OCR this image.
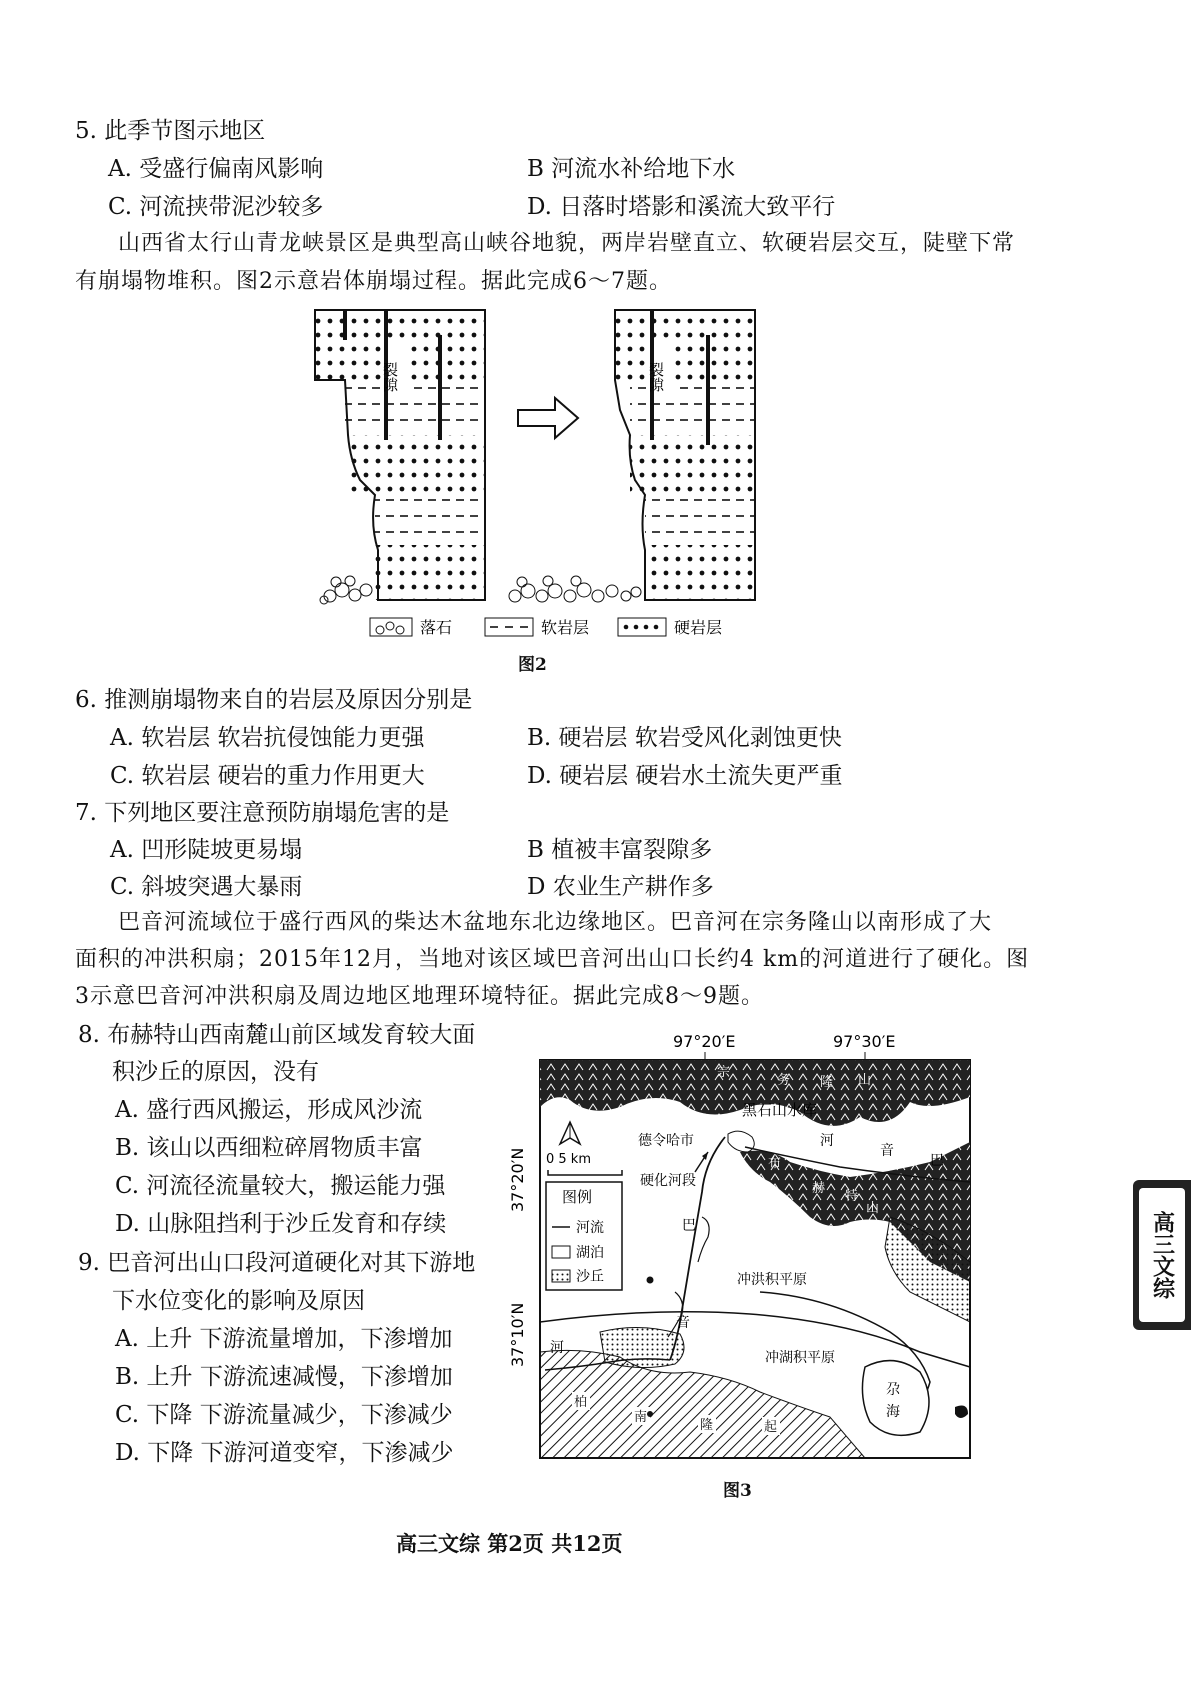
5. 此季节图示地区
A. 受盛行偏南风影响	B 河流水补给地下水
C. 河流挟带泥沙较多	D. 日落时塔影和溪流大致平行
山西省太行山青龙峡景区是典型高山峡谷地貌，两岸岩壁直立、软硬岩层交互，陡壁下常
有崩塌物堆积。图2示意岩体崩塌过程。据此完成6～7题。
裂隙	裂隙
落石	软岩层	硬岩层
图2
6. 推测崩塌物来自的岩层及原因分别是
A. 软岩层 软岩抗侵蚀能力更强	B. 硬岩层 软岩受风化剥蚀更快
C. 软岩层 硬岩的重力作用更大	D. 硬岩层 硬岩水土流失更严重
7. 下列地区要注意预防崩塌危害的是
A. 凹形陡坡更易塌	B 植被丰富裂隙多
C. 斜坡突遇大暴雨	D 农业生产耕作多
巴音河流域位于盛行西风的柴达木盆地东北边缘地区。巴音河在宗务隆山以南形成了大
面积的冲洪积扇；2015年12月，当地对该区域巴音河出山口长约4 km的河道进行了硬化。图
3示意巴音河冲洪积扇及周边地区地理环境特征。据此完成8～9题。
8. 布赫特山西南麓山前区域发育较大面
积沙丘的原因，没有
A. 盛行西风搬运，形成风沙流
B. 该山以西细粒碎屑物质丰富
C. 河流径流量较大，搬运能力强
D. 山脉阻挡利于沙丘发育和存续
9. 巴音河出山口段河道硬化对其下游地
下水位变化的影响及原因
A. 上升 下游流量增加，下渗增加
B. 上升 下游流速减慢，下渗增加
C. 下降 下游流量减少，下渗减少
D. 下降 下游河道变窄，下渗减少
97°20′E	97°30′E
37°20′N
37°10′N
宗
务 隆 山
布
赫
特
山
柏
南
隆	起
尕
海
0 5 km
黑石山水库
德令哈市
硬化河段
河
音
巴
巴
音
河
冲洪积平原
冲湖积平原
图例
河流
湖泊
沙丘
图3
高三文综
高三文综 第2页 共12页
